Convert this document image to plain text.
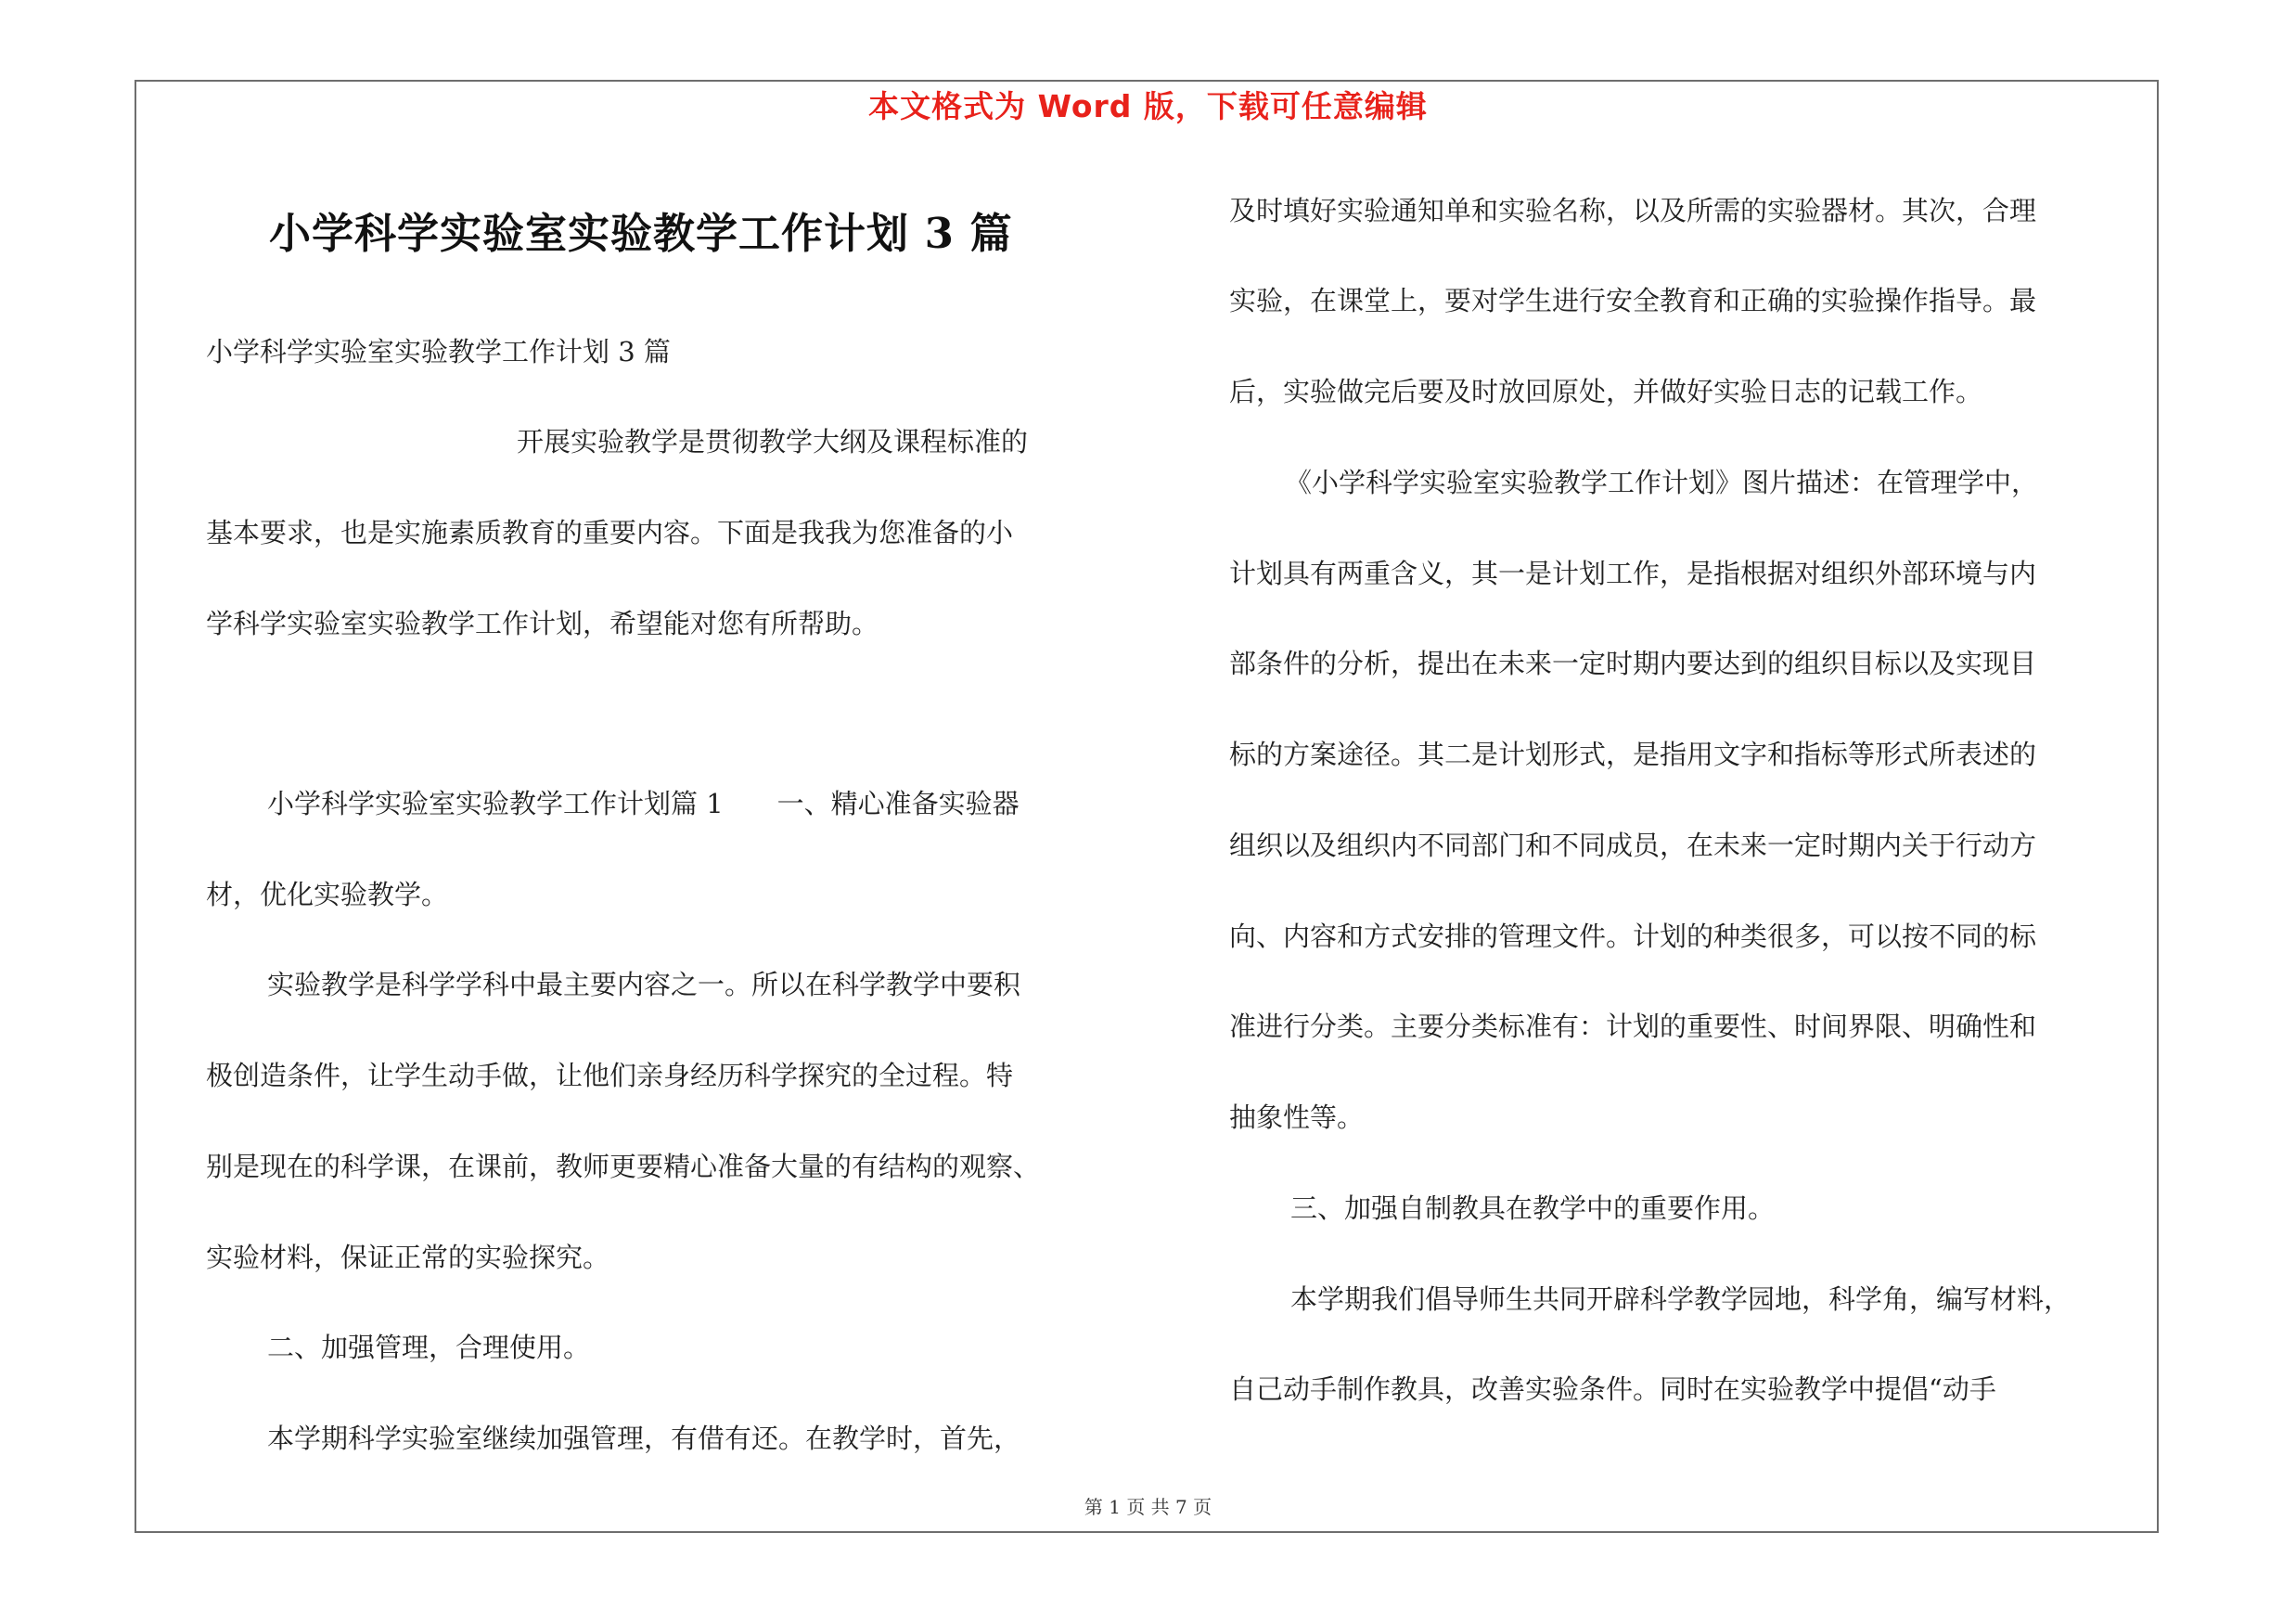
本文格式为 Word 版，下载可任意编辑
小学科学实验室实验教学工作计划 3 篇
小学科学实验室实验教学工作计划 3 篇
开展实验教学是贯彻教学大纲及课程标准的
基本要求，也是实施素质教育的重要内容。下面是我我为您准备的小
学科学实验室实验教学工作计划，希望能对您有所帮助。
小学科学实验室实验教学工作计划篇 1　　一、精心准备实验器
材，优化实验教学。
实验教学是科学学科中最主要内容之一。所以在科学教学中要积
极创造条件，让学生动手做，让他们亲身经历科学探究的全过程。特
别是现在的科学课，在课前，教师更要精心准备大量的有结构的观察、
实验材料，保证正常的实验探究。
二、加强管理，合理使用。
本学期科学实验室继续加强管理，有借有还。在教学时，首先，
及时填好实验通知单和实验名称，以及所需的实验器材。其次，合理
实验，在课堂上，要对学生进行安全教育和正确的实验操作指导。最
后，实验做完后要及时放回原处，并做好实验日志的记载工作。
《小学科学实验室实验教学工作计划》图片描述：在管理学中，
计划具有两重含义，其一是计划工作，是指根据对组织外部环境与内
部条件的分析，提出在未来一定时期内要达到的组织目标以及实现目
标的方案途径。其二是计划形式，是指用文字和指标等形式所表述的
组织以及组织内不同部门和不同成员，在未来一定时期内关于行动方
向、内容和方式安排的管理文件。计划的种类很多，可以按不同的标
准进行分类。主要分类标准有：计划的重要性、时间界限、明确性和
抽象性等。
三、加强自制教具在教学中的重要作用。
本学期我们倡导师生共同开辟科学教学园地，科学角，编写材料，
自己动手制作教具，改善实验条件。同时在实验教学中提倡“动手
第 1 页 共 7 页
